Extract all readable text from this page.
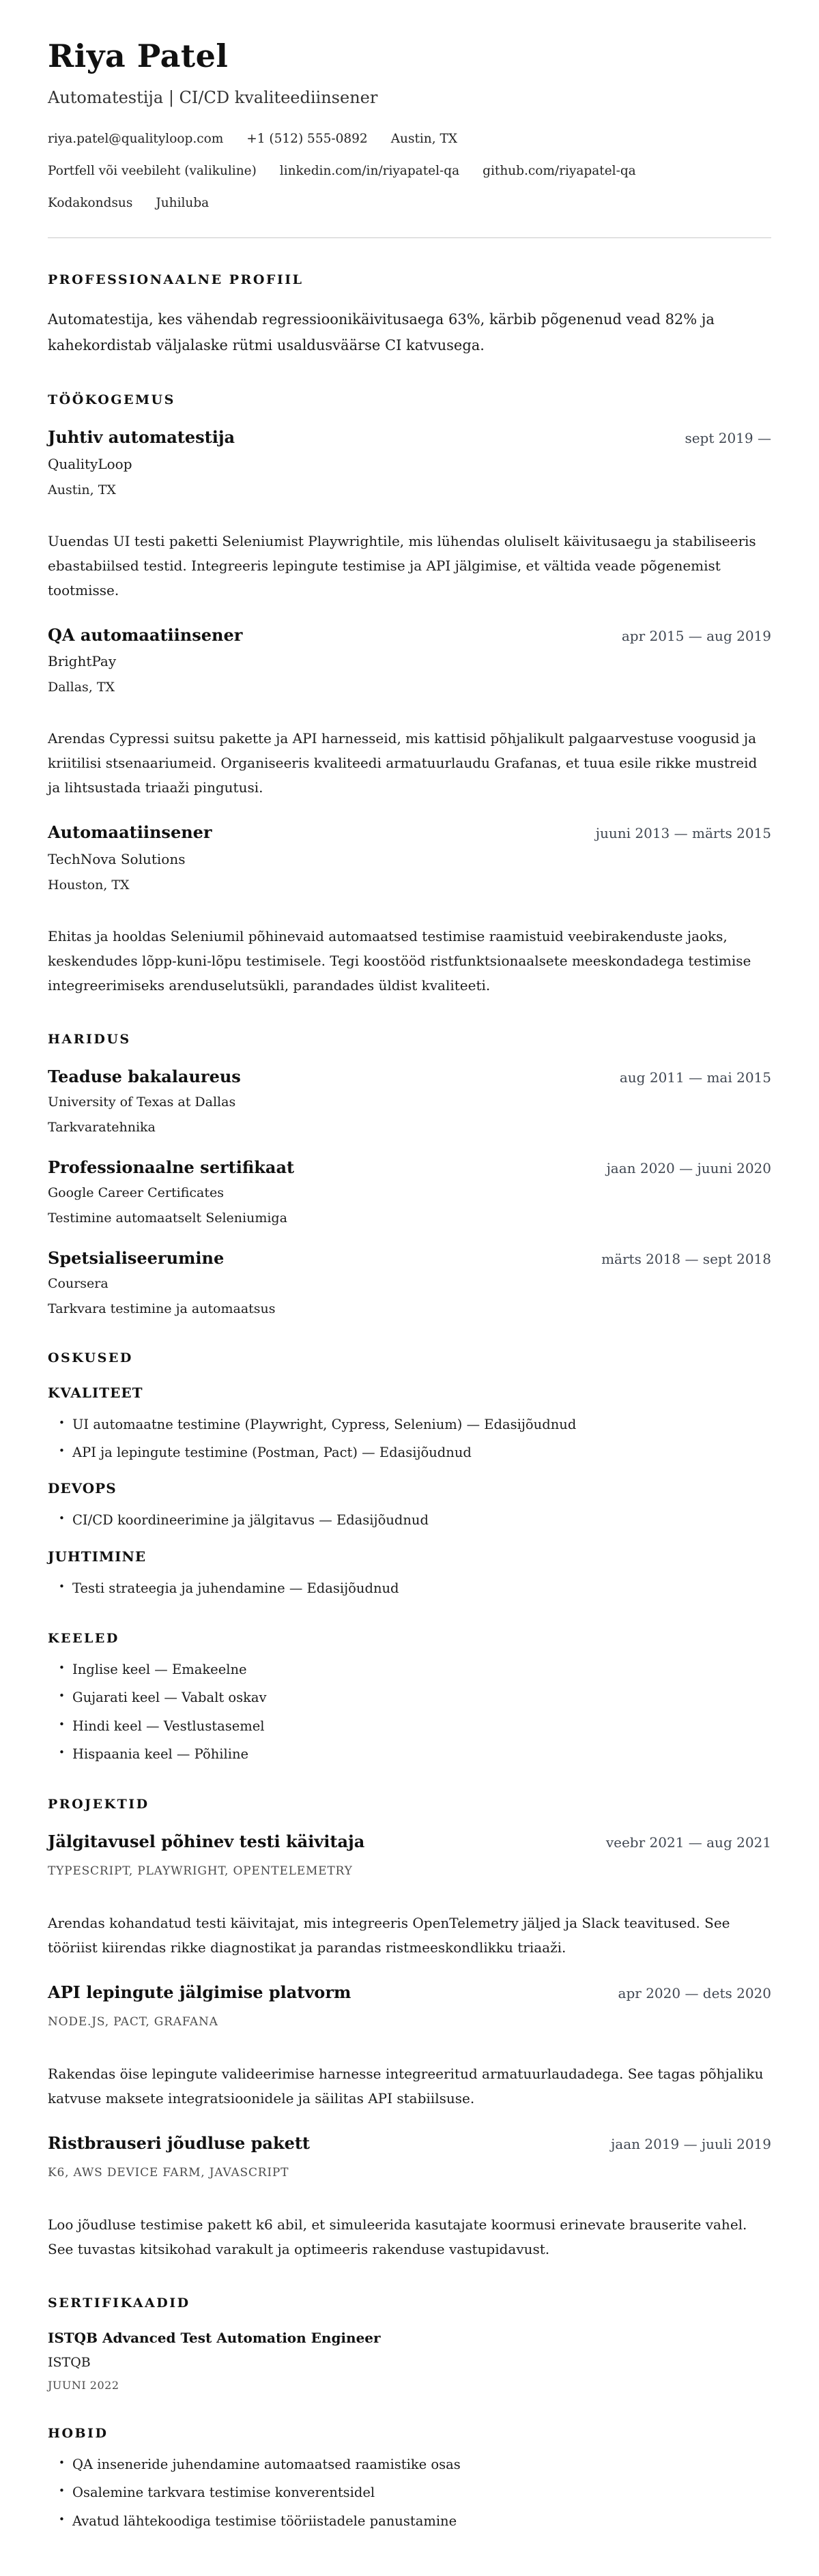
Riya Patel
Automatestija | CI/CD kvaliteediinsener
riya.patel@qualityloop.com +1 (512) 555-0892 Austin, TX
Portfell või veebileht (valikuline) linkedin.com/in/riyapatel-qa github.com/riyapatel-qa
Kodakondsus Juhiluba
PROFESSIONAALNE PROFIIL

Automatestija, kes vähendab regressioonikäivitusaega 63%, kärbib põgenenud vead 82% ja kahekordistab väljalaske rütmi usaldusväärse CI katvusega.

TÖÖKOGEMUS
Juhtiv automatestija	sept 2019 —
QualityLoop
Austin, TX

Uuendas UI testi paketti Seleniumist Playwrightile, mis lühendas oluliselt käivitusaegu ja stabiliseeris ebastabiilsed testid. Integreeris lepingute testimise ja API jälgimise, et vältida veade põgenemist tootmisse.

QA automaatiinsener	apr 2015 — aug 2019
BrightPay
Dallas, TX

Arendas Cypressi suitsu pakette ja API harnesseid, mis kattisid põhjalikult palgaarvestuse voogusid ja kriitilisi stsenaariumeid. Organiseeris kvaliteedi armatuurlaudu Grafanas, et tuua esile rikke mustreid ja lihtsustada triaaži pingutusi.

Automaatiinsener	juuni 2013 — märts 2015
TechNova Solutions
Houston, TX

Ehitas ja hooldas Seleniumil põhinevaid automaatsed testimise raamistuid veebirakenduste jaoks, keskendudes lõpp-kuni-lõpu testimisele. Tegi koostööd ristfunktsionaalsete meeskondadega testimise integreerimiseks arenduselutsükli, parandades üldist kvaliteeti.

HARIDUS
Teaduse bakalaureus	aug 2011 — mai 2015
University of Texas at Dallas
Tarkvaratehnika
Professionaalne sertifikaat	jaan 2020 — juuni 2020
Google Career Certificates
Testimine automaatselt Seleniumiga
Spetsialiseerumine	märts 2018 — sept 2018
Coursera
Tarkvara testimine ja automaatsus
OSKUSED
KVALITEET
• UI automaatne testimine (Playwright, Cypress, Selenium) — Edasijõudnud
• API ja lepingute testimine (Postman, Pact) — Edasijõudnud
DEVOPS
• CI/CD koordineerimine ja jälgitavus — Edasijõudnud
JUHTIMINE
• Testi strateegia ja juhendamine — Edasijõudnud
KEELED
• Inglise keel — Emakeelne
• Gujarati keel — Vabalt oskav
• Hindi keel — Vestlustasemel
• Hispaania keel — Põhiline
PROJEKTID
Jälgitavusel põhinev testi käivitaja	veebr 2021 — aug 2021
TYPESCRIPT, PLAYWRIGHT, OPENTELEMETRY

Arendas kohandatud testi käivitajat, mis integreeris OpenTelemetry jäljed ja Slack teavitused. See tööriist kiirendas rikke diagnostikat ja parandas ristmeeskondlikku triaaži.

API lepingute jälgimise platvorm	apr 2020 — dets 2020
NODE.JS, PACT, GRAFANA

Rakendas öise lepingute valideerimise harnesse integreeritud armatuurlaudadega. See tagas põhjaliku katvuse maksete integratsioonidele ja säilitas API stabiilsuse.

Ristbrauseri jõudluse pakett	jaan 2019 — juuli 2019
K6, AWS DEVICE FARM, JAVASCRIPT

Loo jõudluse testimise pakett k6 abil, et simuleerida kasutajate koormusi erinevate brauserite vahel. See tuvastas kitsikohad varakult ja optimeeris rakenduse vastupidavust.

SERTIFIKAADID
ISTQB Advanced Test Automation Engineer
ISTQB
JUUNI 2022
HOBID
• QA inseneride juhendamine automaatsed raamistike osas
• Osalemine tarkvara testimise konverentsidel
• Avatud lähtekoodiga testimise tööriistadele panustamine
